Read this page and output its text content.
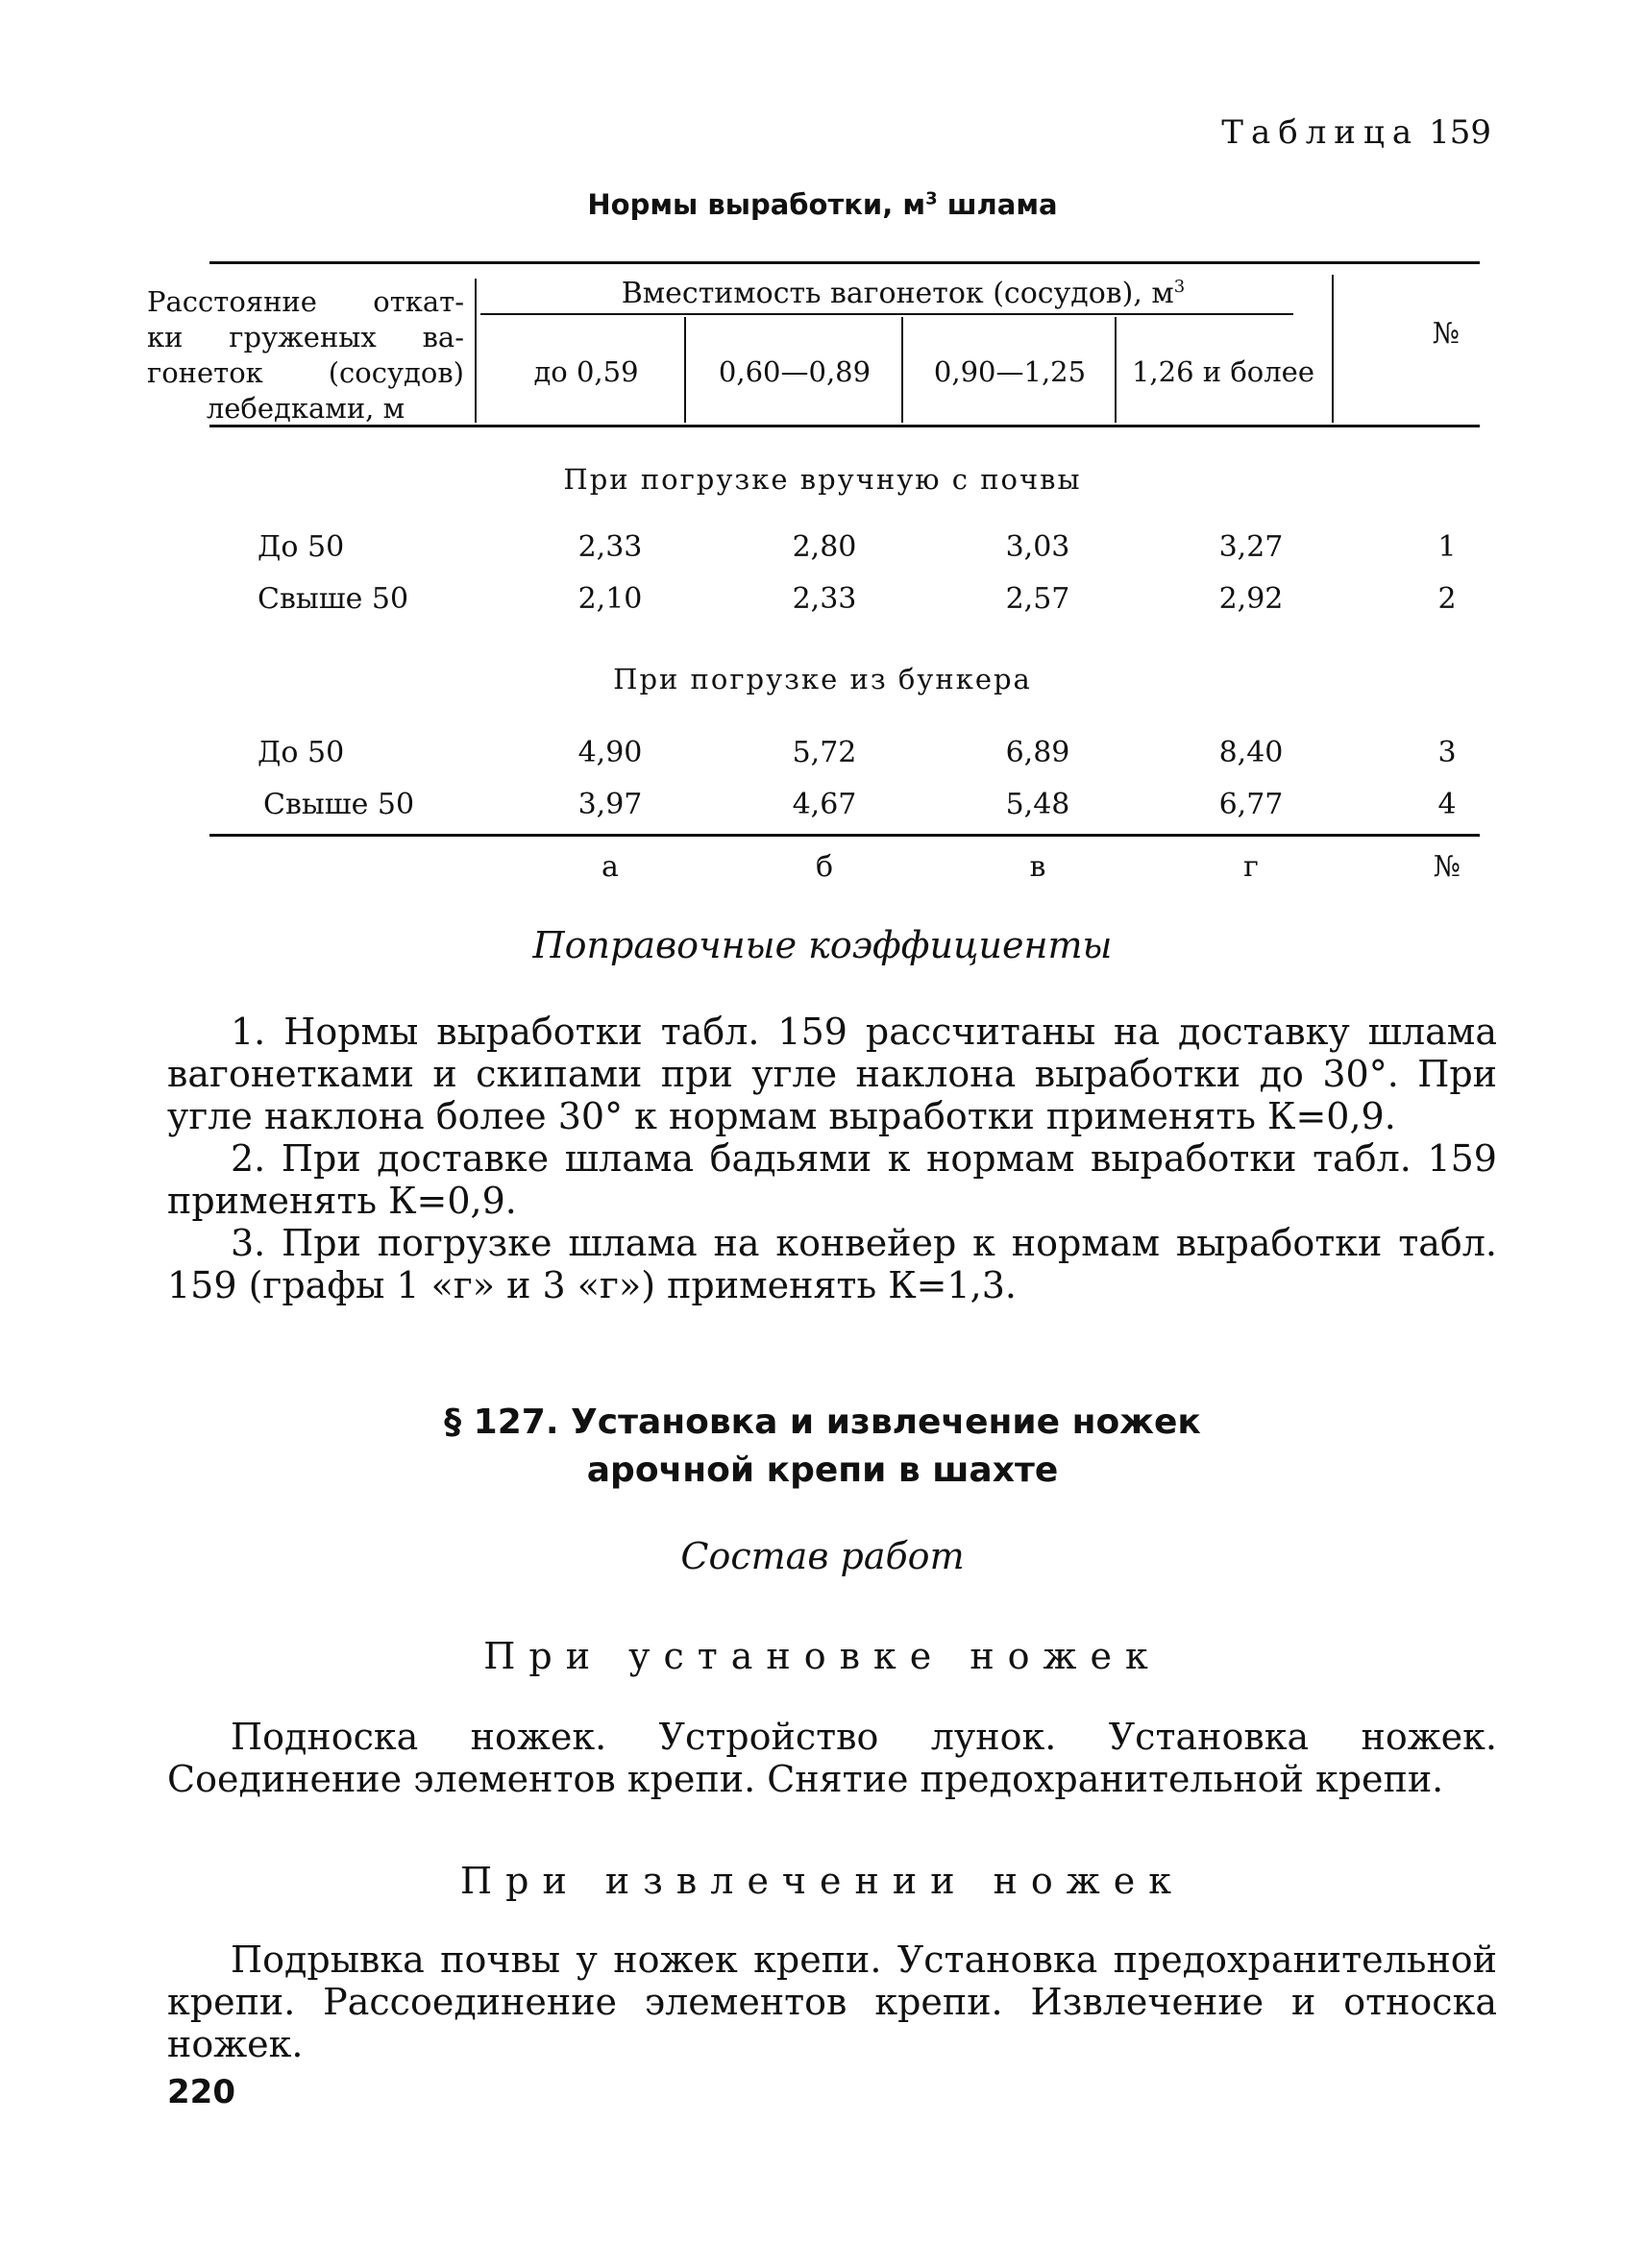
Таблица 159
Нормы выработки, $м^3$ шлама
Расстояние откат-
ки груженых ва-
гонеток (сосудов)
лебедками, м
Вместимость вагонеток (сосудов), $м^3$
до 0,59	0,60—0,89	0,90—1,25	1,26 и более
№
При погрузке вручную с почвы
До 50	2,33	2,80	3,03	3,27	1
Свыше 50	2,10	2,33	2,57	2,92	2
При погрузке из бункера
До 50	4,90	5,72	6,89	8,40	3
Свыше 50	3,97	4,67	5,48	6,77	4
а	б	в	г	№
Поправочные коэффициенты
1. Нормы выработки табл. 159 рассчитаны на доставку шлама вагонетками и скипами при угле наклона выработки до 30°. При угле наклона более 30° к нормам выработки применять К=0,9.
2. При доставке шлама бадьями к нормам выработки табл. 159 применять К=0,9.
3. При погрузке шлама на конвейер к нормам выработки табл. 159 (графы 1 «г» и 3 «г») применять К=1,3.
§ 127. Установка и извлечение ножек
арочной крепи в шахте
Состав работ
При установке ножек
Подноска ножек. Устройство лунок. Установка ножек. Соединение элементов крепи. Снятие предохранительной крепи.
При извлечении ножек
Подрывка почвы у ножек крепи. Установка предохранительной крепи. Рассоединение элементов крепи. Извлечение и относка ножек.
220
